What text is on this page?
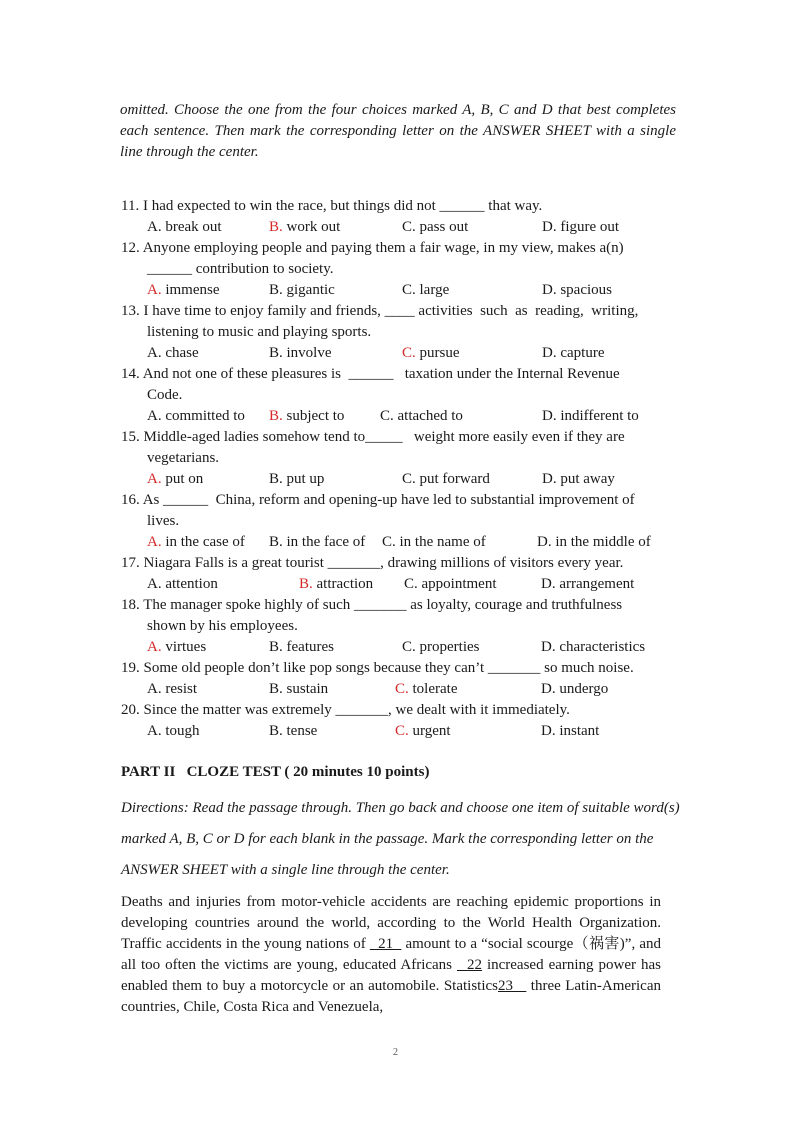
omitted. Choose the one from the four choices marked A, B, C and D that best completes each sentence. Then mark the corresponding letter on the ANSWER SHEET with a single line through the center.
11. I had expected to win the race, but things did not ______ that way.
A. break out	B. work out	C. pass out	D. figure out
12. Anyone employing people and paying them a fair wage, in my view, makes a(n)
______ contribution to society.
A. immense	B. gigantic	C. large	D. spacious
13. I have time to enjoy family and friends, ____ activities  such  as  reading,  writing,
listening to music and playing sports.
A. chase	B. involve	C. pursue	D. capture
14. And not one of these pleasures is  ______   taxation under the Internal Revenue
Code.
A. committed to B. subject to C. attached to	D. indifferent to
15. Middle-aged ladies somehow tend to_____   weight more easily even if they are
vegetarians.
A. put on	B. put up	C. put forward	D. put away
16. As ______  China, reform and opening-up have led to substantial improvement of
lives.
A. in the case of B. in the face of C. in the name of	D. in the middle of
17. Niagara Falls is a great tourist _______, drawing millions of visitors every year.
A. attention	B. attraction C. appointment	D. arrangement
18. The manager spoke highly of such _______ as loyalty, courage and truthfulness
shown by his employees.
A. virtues	B. features	C. properties	D. characteristics
19. Some old people don’t like pop songs because they can’t _______ so much noise.
A. resist	B. sustain	C. tolerate	D. undergo
20. Since the matter was extremely _______, we dealt with it immediately.
A. tough	B. tense	C. urgent	D. instant
PART II   CLOZE TEST ( 20 minutes 10 points)
Directions: Read the passage through. Then go back and choose one item of suitable word(s) marked A, B, C or D for each blank in the passage. Mark the corresponding letter on the ANSWER SHEET with a single line through the center.
Deaths and injuries from motor-vehicle accidents are reaching epidemic proportions in developing countries around the world, according to the World Health Organization. Traffic accidents in the young nations of   21   amount to a “social scourge（祸害)”, and all too often the victims are young, educated Africans   22 increased earning power has enabled them to buy a motorcycle or an automobile. Statistics23    three Latin-American countries, Chile, Costa Rica and Venezuela,
2
